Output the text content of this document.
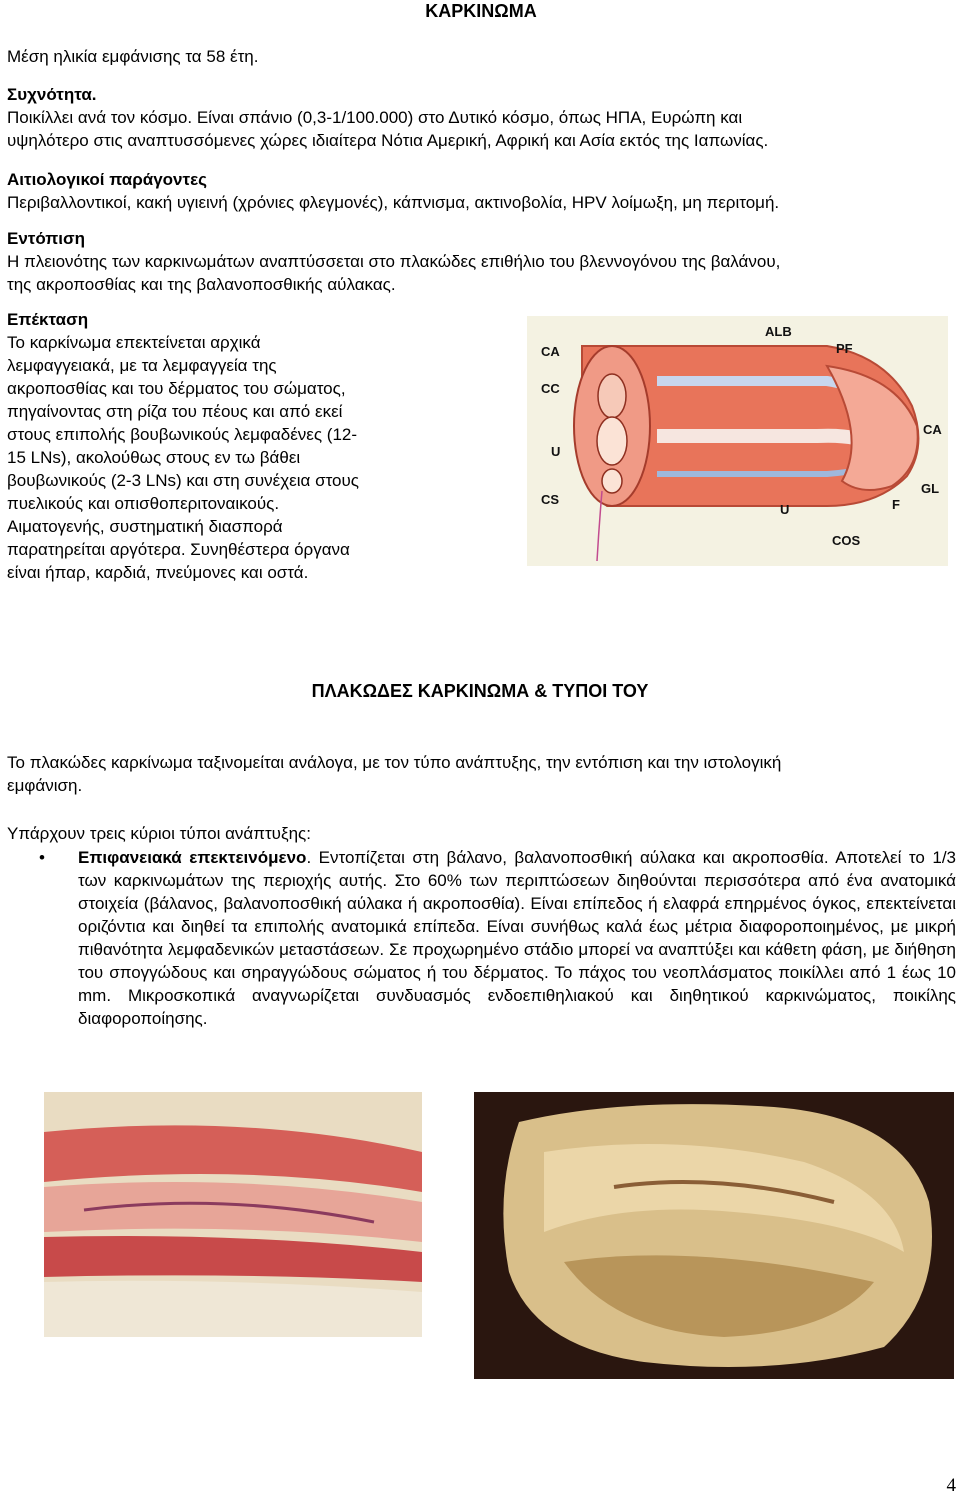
ΚΑΡΚΙΝΩΜΑ
Μέση ηλικία εμφάνισης τα 58 έτη.
Συχνότητα.
Ποικίλλει ανά τον κόσμο. Είναι σπάνιο (0,3-1/100.000) στο Δυτικό κόσμο, όπως ΗΠΑ, Ευρώπη και
υψηλότερο στις αναπτυσσόμενες χώρες ιδιαίτερα Νότια Αμερική, Αφρική και Ασία εκτός της Ιαπωνίας.
Αιτιολογικοί παράγοντες
Περιβαλλοντικοί, κακή υγιεινή (χρόνιες φλεγμονές), κάπνισμα, ακτινοβολία, HPV λοίμωξη, μη περιτομή.
Εντόπιση
Η πλειονότης των καρκινωμάτων αναπτύσσεται στο πλακώδες επιθήλιο του βλεννογόνου της βαλάνου,
της ακροποσθίας και της βαλανοποσθικής αύλακας.
Επέκταση
Το καρκίνωμα επεκτείνεται αρχικά
λεμφαγγειακά, με τα λεμφαγγεία της
ακροποσθίας και του δέρματος του σώματος,
πηγαίνοντας στη ρίζα του πέους και από εκεί
στους επιπολής βουβωνικούς λεμφαδένες (12-
15 LNs), ακολούθως στους εν τω βάθει
βουβωνικούς (2-3 LNs) και στη συνέχεια στους
πυελικούς και οπισθοπεριτοναικούς.
Αιματογενής, συστηματική διασπορά
παρατηρείται αργότερα. Συνηθέστερα όργανα
είναι ήπαρ, καρδιά, πνεύμονες και οστά.
CA
CC
U
CS
ALB
PF
CA
GL
F
U
COS
ΠΛΑΚΩΔΕΣ ΚΑΡΚΙΝΩΜΑ & ΤΥΠΟΙ ΤΟΥ
Το πλακώδες καρκίνωμα ταξινομείται ανάλογα, με τον τύπο ανάπτυξης, την εντόπιση και την ιστολογική
εμφάνιση.
Υπάρχουν τρεις κύριοι τύποι ανάπτυξης:
• Επιφανειακά επεκτεινόμενο. Εντοπίζεται στη βάλανο, βαλανοποσθική αύλακα και ακροποσθία. Αποτελεί το 1/3 των καρκινωμάτων της περιοχής αυτής. Στο 60% των περιπτώσεων διηθούνται περισσότερα από ένα ανατομικά στοιχεία (βάλανος, βαλανοποσθική αύλακα ή ακροποσθία). Είναι επίπεδος ή ελαφρά επηρμένος όγκος, επεκτείνεται οριζόντια και διηθεί τα επιπολής ανατομικά επίπεδα. Είναι συνήθως καλά έως μέτρια διαφοροποιημένος, με μικρή πιθανότητα λεμφαδενικών μεταστάσεων. Σε προχωρημένο στάδιο μπορεί να αναπτύξει και κάθετη φάση, με διήθηση του σπογγώδους και σηραγγώδους σώματος ή του δέρματος. Το πάχος του νεοπλάσματος ποικίλλει από 1 έως 10 mm. Μικροσκοπικά αναγνωρίζεται συνδυασμός ενδοεπιθηλιακού και διηθητικού καρκινώματος, ποικίλης διαφοροποίησης.
4
